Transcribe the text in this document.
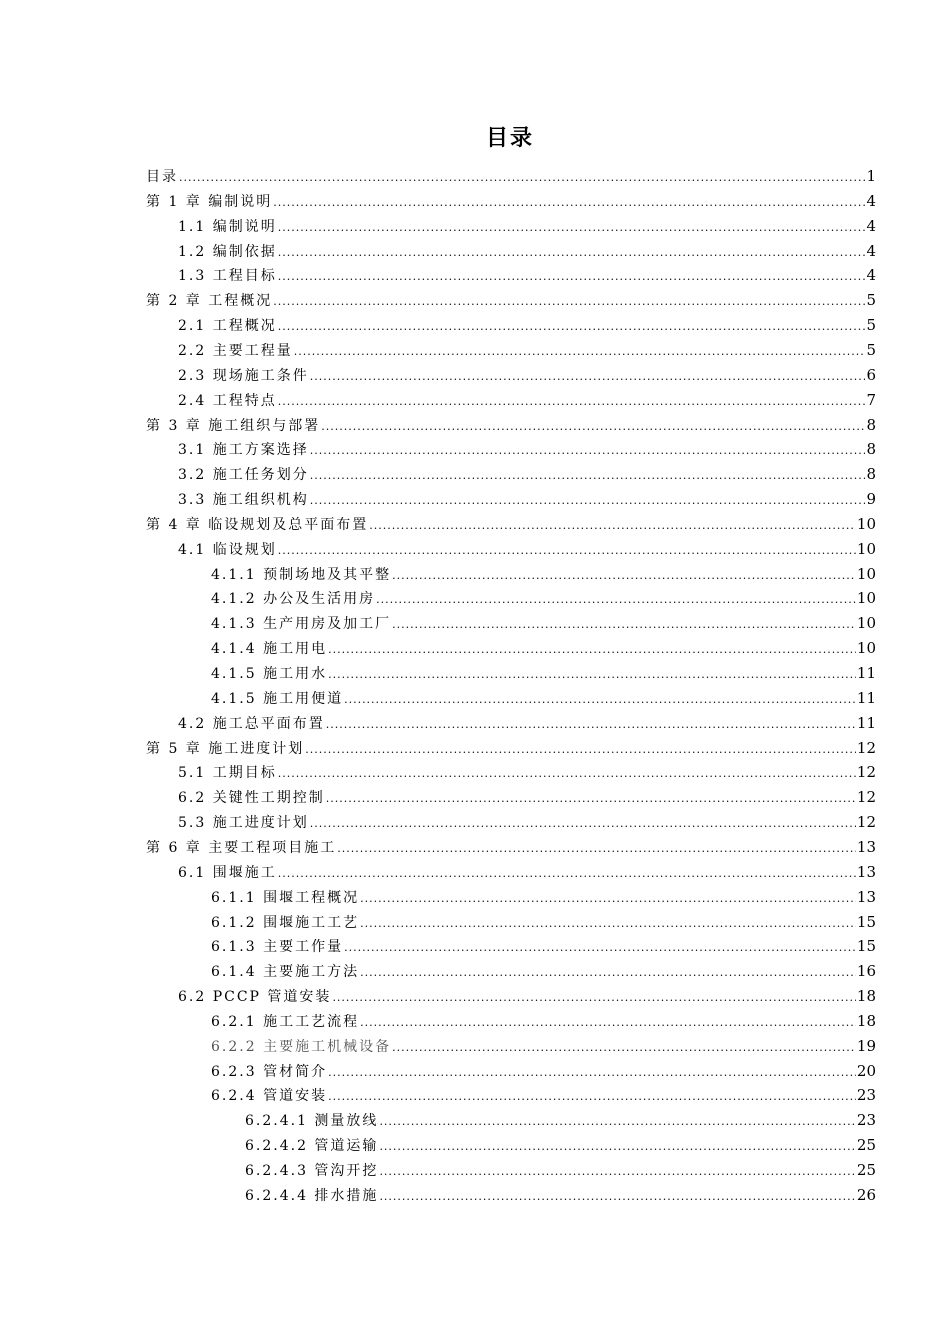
目录
目录 .....	1
第 1 章 编制说明 .....	4
1.1 编制说明 .....	4
1.2 编制依据 .....	4
1.3 工程目标 .....	4
第 2 章 工程概况 .....	5
2.1 工程概况 .....	5
2.2 主要工程量 .....	5
2.3 现场施工条件 .....	6
2.4 工程特点 .....	7
第 3 章 施工组织与部署 .....	8
3.1 施工方案选择 .....	8
3.2 施工任务划分 .....	8
3.3 施工组织机构 .....	9
第 4 章 临设规划及总平面布置 .....	10
4.1 临设规划 .....	10
4.1.1 预制场地及其平整 .....	10
4.1.2 办公及生活用房 .....	10
4.1.3 生产用房及加工厂 .....	10
4.1.4 施工用电 .....	10
4.1.5 施工用水 .....	11
4.1.5 施工用便道 .....	11
4.2 施工总平面布置 .....	11
第 5 章 施工进度计划 .....	12
5.1 工期目标 .....	12
6.2 关键性工期控制 .....	12
5.3 施工进度计划 .....	12
第 6 章 主要工程项目施工 .....	13
6.1 围堰施工 .....	13
6.1.1 围堰工程概况 .....	13
6.1.2 围堰施工工艺 .....	15
6.1.3 主要工作量 .....	15
6.1.4 主要施工方法 .....	16
6.2 PCCP 管道安装 .....	18
6.2.1 施工工艺流程 .....	18
6.2.2 主要施工机械设备 .....	19
6.2.3 管材简介 .....	20
6.2.4 管道安装 .....	23
6.2.4.1 测量放线 .....	23
6.2.4.2 管道运输 .....	25
6.2.4.3 管沟开挖 .....	25
6.2.4.4 排水措施 .....	26
